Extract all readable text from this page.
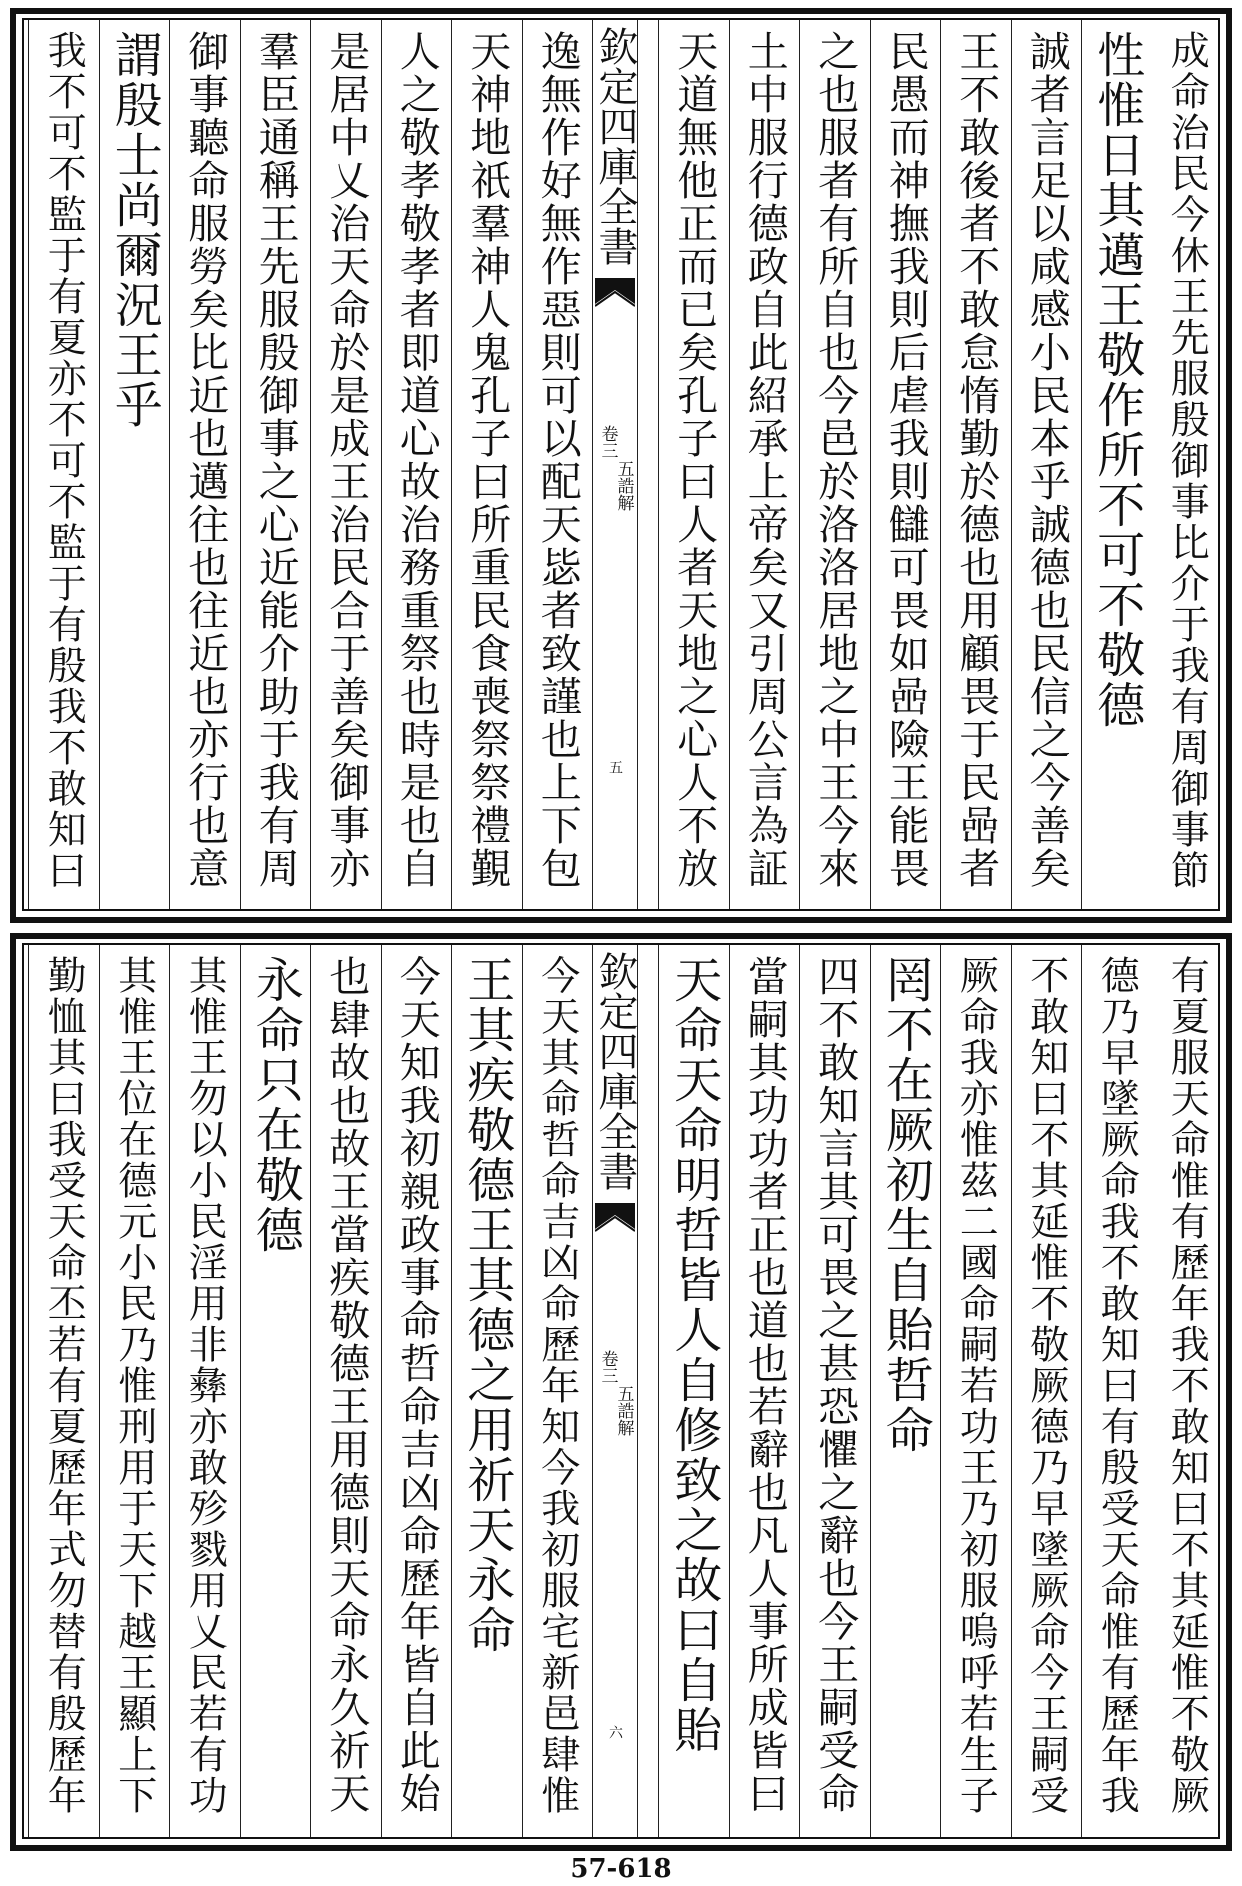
成命治民今休王先服殷御事比介于我有周御事節
性惟日其邁王敬作所不可不敬德
誠者言足以咸感小民本乎誠德也民信之今善矣
王不敢後者不敢怠惰勤於德也用顧畏于民喦者
民愚而神撫我則后虐我則讎可畏如喦險王能畏
之也服者有所自也今邑於洛洛居地之中王今來
土中服行德政自此紹承上帝矣又引周公言為証
天道無他正而已矣孔子曰人者天地之心人不放
逸無作好無作惡則可以配天毖者致謹也上下包
天神地祇羣神人鬼孔子曰所重民食喪祭祭禮覲
人之敬孝敬孝者即道心故治務重祭也時是也自
是居中乂治天命於是成王治民合于善矣御事亦
羣臣通稱王先服殷御事之心近能介助于我有周
御事聽命服勞矣比近也邁往也往近也亦行也意
謂殷士尚爾況王乎
我不可不監于有夏亦不可不監于有殷我不敢知曰	欽定四庫全書
五誥解
卷三
五
有夏服天命惟有歷年我不敢知曰不其延惟不敬厥
德乃早墜厥命我不敢知曰有殷受天命惟有歷年我
不敢知曰不其延惟不敬厥德乃早墜厥命今王嗣受
厥命我亦惟茲二國命嗣若功王乃初服嗚呼若生子
罔不在厥初生自貽哲命
四不敢知言其可畏之甚恐懼之辭也今王嗣受命
當嗣其功功者正也道也若辭也凡人事所成皆曰
天命天命明哲皆人自修致之故曰自貽
今天其命哲命吉凶命歷年知今我初服宅新邑肆惟
王其疾敬德王其德之用祈天永命
今天知我初親政事命哲命吉凶命歷年皆自此始
也肆故也故王當疾敬德王用德則天命永久祈天
永命只在敬德
其惟王勿以小民淫用非彝亦敢殄戮用乂民若有功
其惟王位在德元小民乃惟刑用于天下越王顯上下
勤恤其曰我受天命丕若有夏歷年式勿替有殷歷年	欽定四庫全書
五誥解
卷三
六
57-618
